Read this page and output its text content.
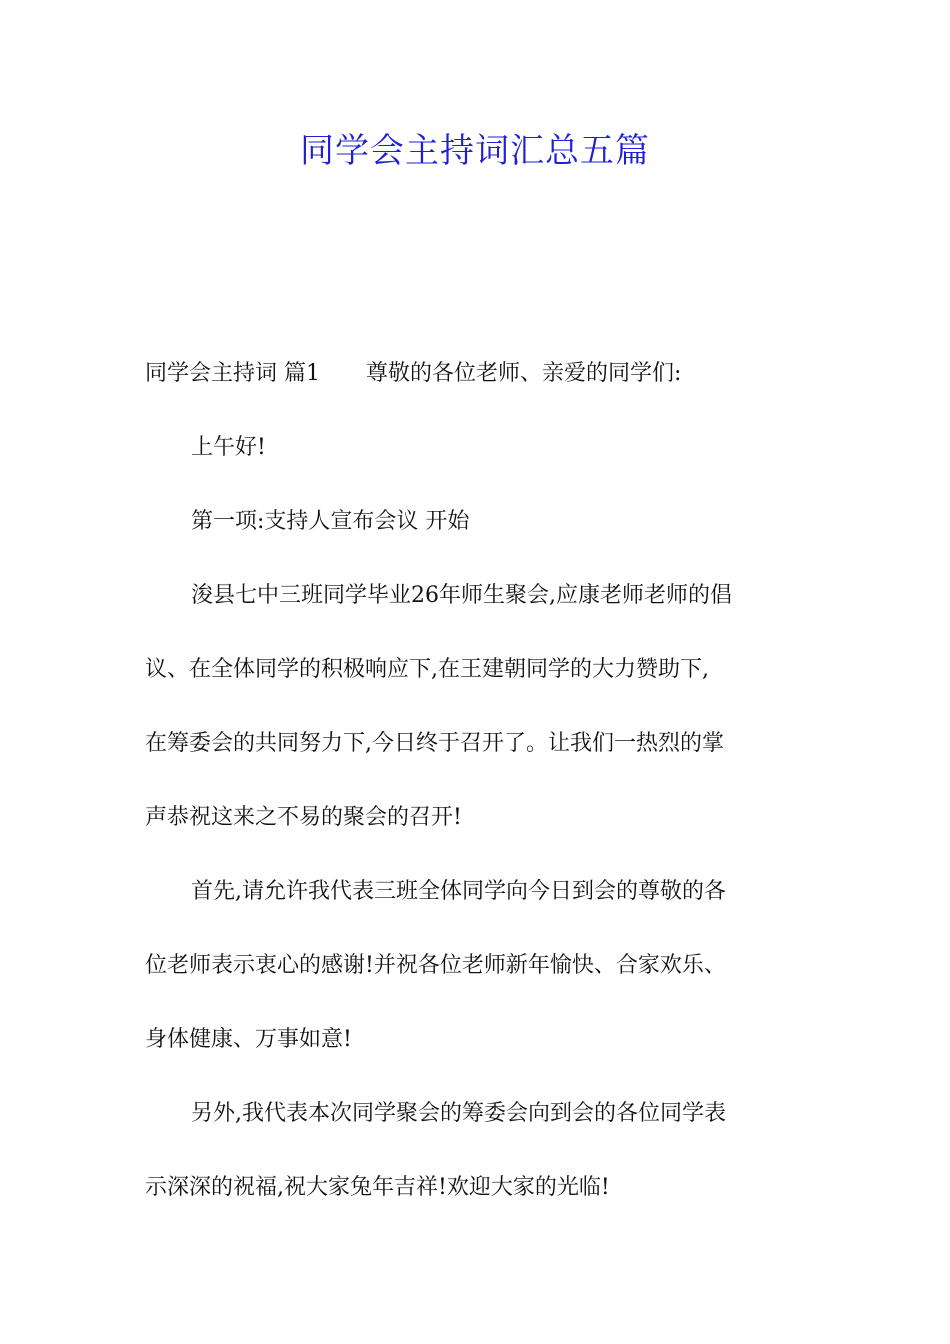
同学会主持词汇总五篇
同学会主持词 篇1 尊敬的各位老师、亲爱的同学们:
上午好!
第一项:支持人宣布会议 开始
浚县七中三班同学毕业26年师生聚会,应康老师老师的倡
议、在全体同学的积极响应下,在王建朝同学的大力赞助下,
在筹委会的共同努力下,今日终于召开了。让我们一热烈的掌
声恭祝这来之不易的聚会的召开!
首先,请允许我代表三班全体同学向今日到会的尊敬的各
位老师表示衷心的感谢!并祝各位老师新年愉快、合家欢乐、
身体健康、万事如意!
另外,我代表本次同学聚会的筹委会向到会的各位同学表
示深深的祝福,祝大家兔年吉祥!欢迎大家的光临!
